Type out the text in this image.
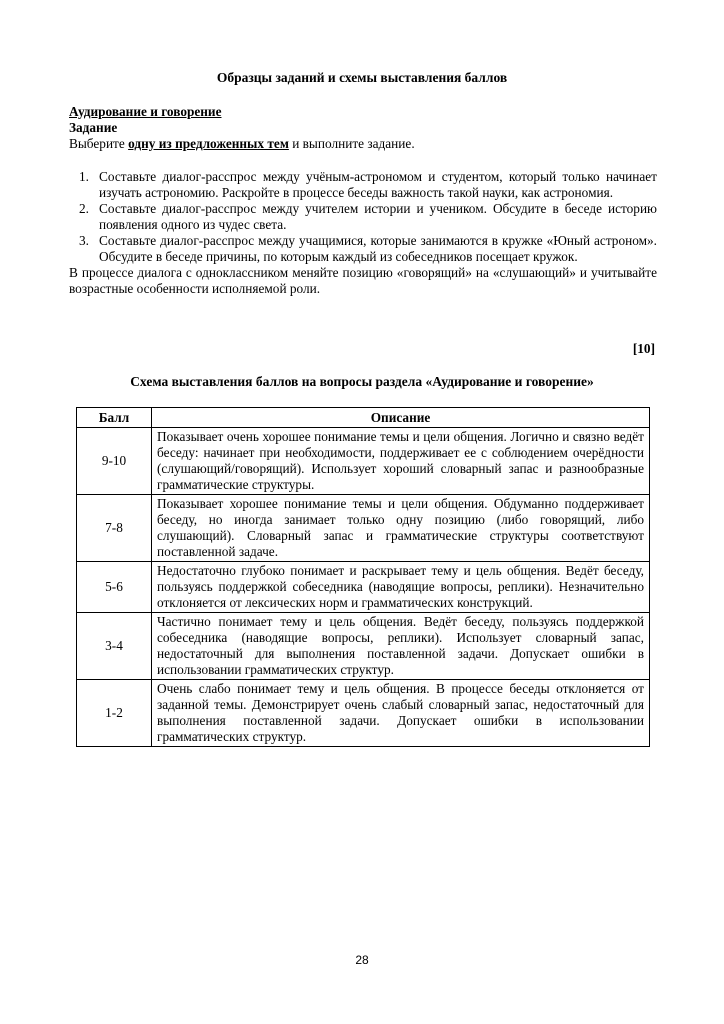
Образцы заданий и схемы выставления баллов
Аудирование и говорение
Задание
Выберите одну из предложенных тем и выполните задание.
1. Составьте диалог-расспрос между учёным-астрономом и студентом, который только начинает изучать астрономию. Раскройте в процессе беседы важность такой науки, как астрономия.
2. Составьте диалог-расспрос между учителем истории и учеником. Обсудите в беседе историю появления одного из чудес света.
3. Составьте диалог-расспрос между учащимися, которые занимаются в кружке «Юный астроном». Обсудите в беседе причины, по которым каждый из собеседников посещает кружок.
В процессе диалога с одноклассником меняйте позицию «говорящий» на «слушающий» и учитывайте возрастные особенности исполняемой роли.
[10]
Схема выставления баллов на вопросы раздела «Аудирование и говорение»
Балл	Описание
9-10	Показывает очень хорошее понимание темы и цели общения. Логично и связно ведёт беседу: начинает при необходимости, поддерживает ее с соблюдением очерёдности (слушающий/говорящий). Использует хороший словарный запас и разнообразные грамматические структуры.
7-8	Показывает хорошее понимание темы и цели общения. Обдуманно поддерживает беседу, но иногда занимает только одну позицию (либо говорящий, либо слушающий). Словарный запас и грамматические структуры соответствуют поставленной задаче.
5-6	Недостаточно глубоко понимает и раскрывает тему и цель общения. Ведёт беседу, пользуясь поддержкой собеседника (наводящие вопросы, реплики). Незначительно отклоняется от лексических норм и грамматических конструкций.
3-4	Частично понимает тему и цель общения. Ведёт беседу, пользуясь поддержкой собеседника (наводящие вопросы, реплики). Использует словарный запас, недостаточный для выполнения поставленной задачи. Допускает ошибки в использовании грамматических структур.
1-2	Очень слабо понимает тему и цель общения. В процессе беседы отклоняется от заданной темы. Демонстрирует очень слабый словарный запас, недостаточный для выполнения поставленной задачи. Допускает ошибки в использовании грамматических структур.
28
